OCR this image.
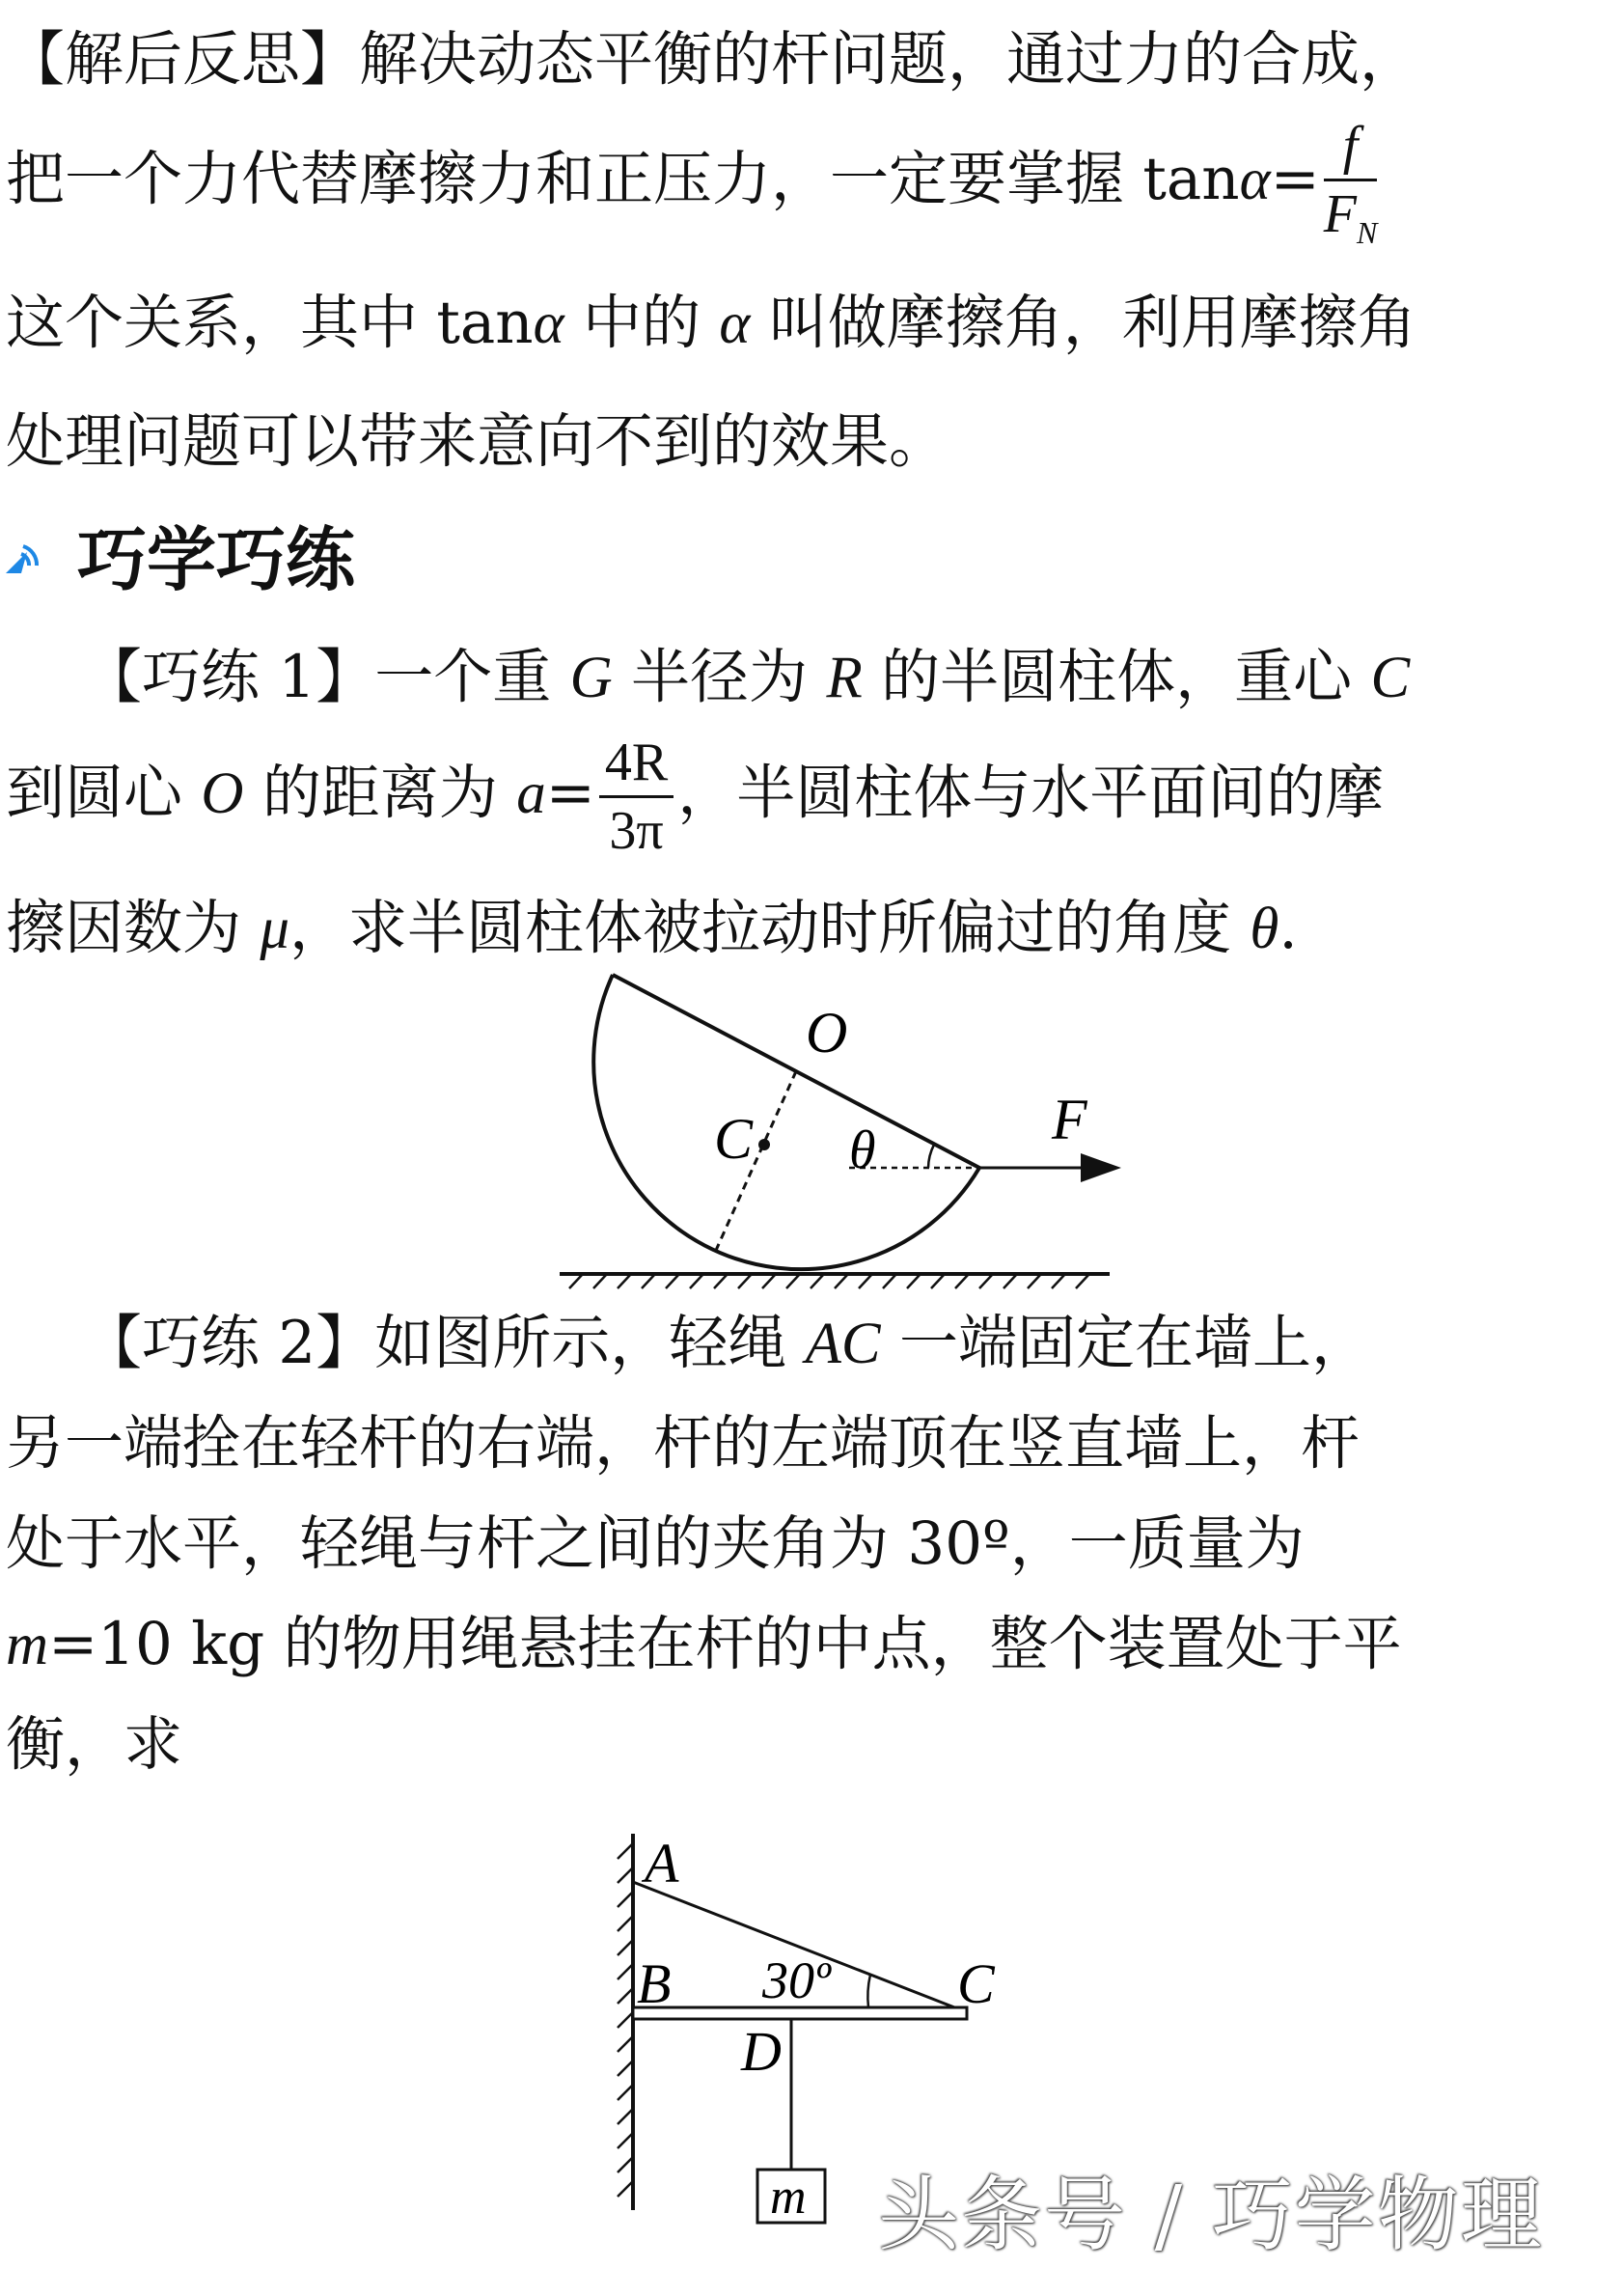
【解后反思】解决动态平衡的杆问题，通过力的合成，
把一个力代替摩擦力和正压力，一定要掌握 $\tan\alpha= \frac{f}{F_N}$
这个关系，其中 tanα 中的 α 叫做摩擦角，利用摩擦角
处理问题可以带来意向不到的效果。
巧学巧练
【巧练 1】一个重 G 半径为 R 的半圆柱体，重心 C
到圆心 O 的距离为 $a= \frac{4R}{3\pi}$ ，半圆柱体与水平面间的摩
擦因数为 μ，求半圆柱体被拉动时所偏过的角度 θ.
O
C θ	F
【巧练 2】如图所示，轻绳 AC 一端固定在墙上，
另一端拴在轻杆的右端，杆的左端顶在竖直墙上，杆
处于水平，轻绳与杆之间的夹角为 30º，一质量为
m=10 kg 的物用绳悬挂在杆的中点，整个装置处于平
衡，求
A
B 30º C
D
m 头条号 / 巧学物理
